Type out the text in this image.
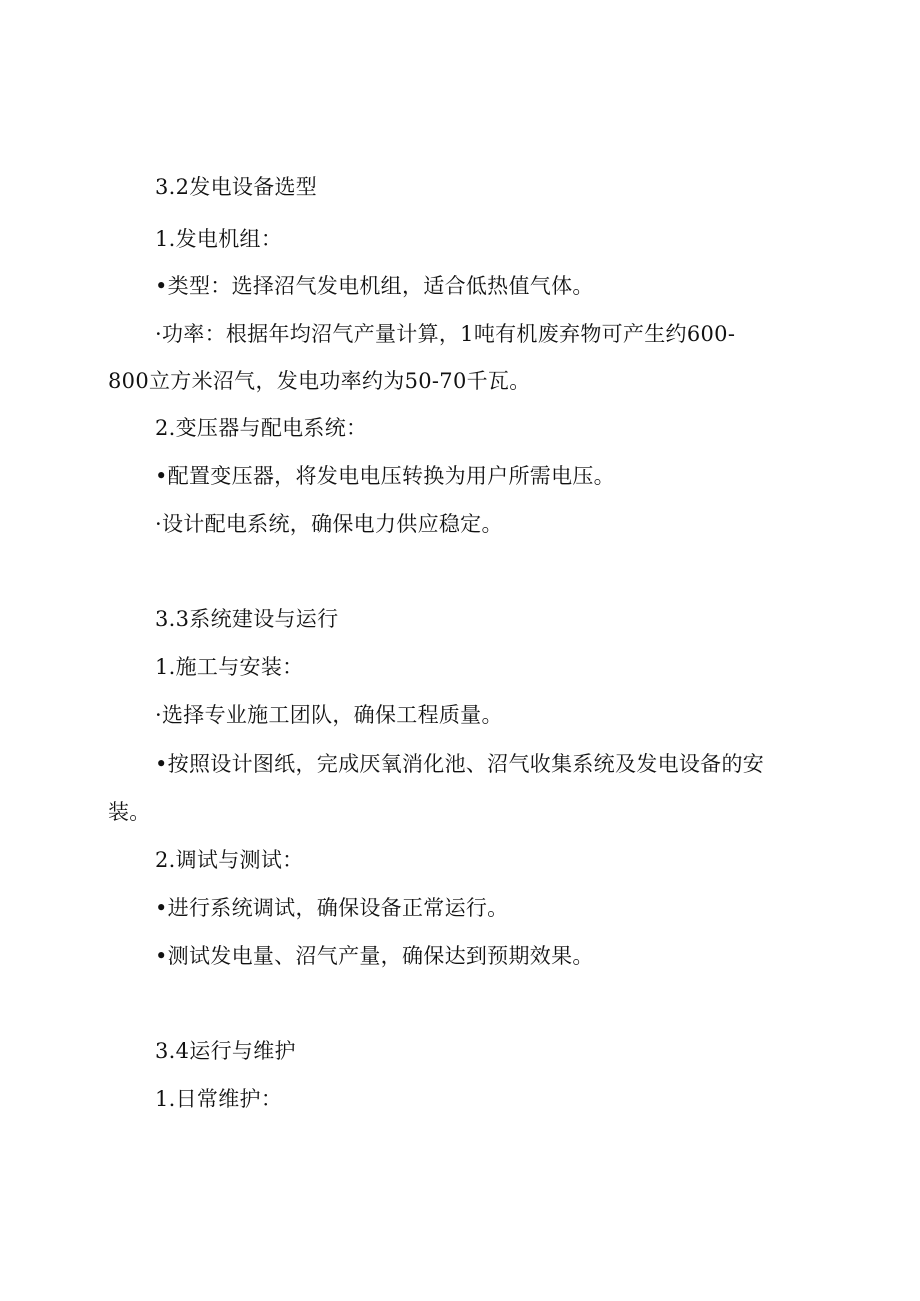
3.2发电设备选型
1.发电机组：
•类型：选择沼气发电机组，适合低热值气体。
·功率：根据年均沼气产量计算，1吨有机废弃物可产生约600-
800立方米沼气，发电功率约为50-70千瓦。
2.变压器与配电系统：
•配置变压器，将发电电压转换为用户所需电压。
·设计配电系统，确保电力供应稳定。
3.3系统建设与运行
1.施工与安装：
·选择专业施工团队，确保工程质量。
•按照设计图纸，完成厌氧消化池、沼气收集系统及发电设备的安
装。
2.调试与测试：
•进行系统调试，确保设备正常运行。
•测试发电量、沼气产量，确保达到预期效果。
3.4运行与维护
1.日常维护：
